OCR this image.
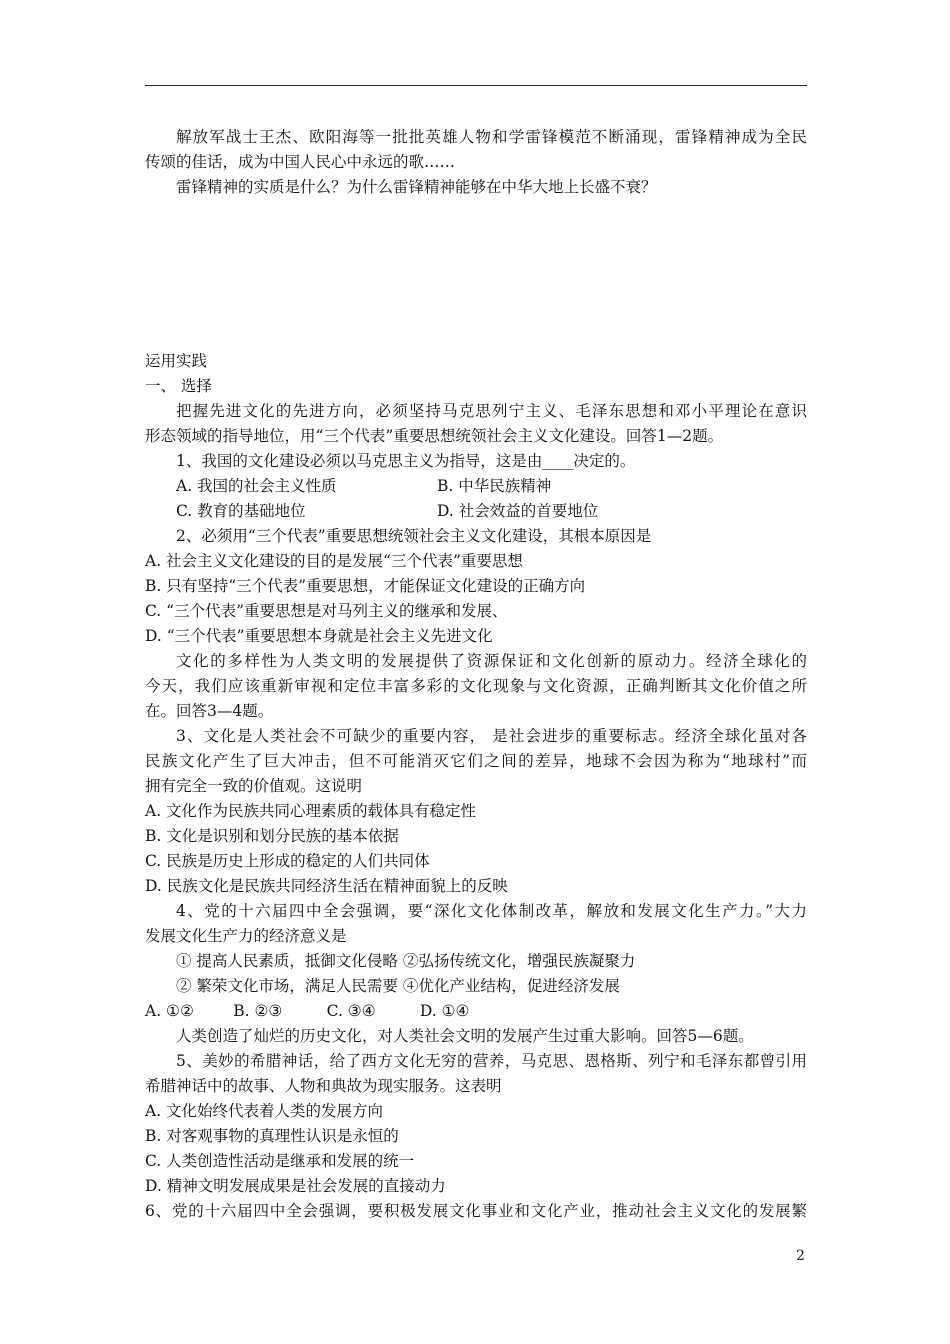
解放军战士王杰、欧阳海等一批批英雄人物和学雷锋模范不断涌现，雷锋精神成为全民
传颂的佳话，成为中国人民心中永远的歌……
雷锋精神的实质是什么？为什么雷锋精神能够在中华大地上长盛不衰？
运用实践
一、 选择
把握先进文化的先进方向，必须坚持马克思列宁主义、毛泽东思想和邓小平理论在意识
形态领域的指导地位，用“三个代表”重要思想统领社会主义文化建设。回答1—2题。
1、我国的文化建设必须以马克思主义为指导，这是由____决定的。
A. 我国的社会主义性质	B. 中华民族精神
C. 教育的基础地位	D. 社会效益的首要地位
2、必须用“三个代表”重要思想统领社会主义文化建设，其根本原因是
A. 社会主义文化建设的目的是发展“三个代表”重要思想
B. 只有坚持“三个代表”重要思想，才能保证文化建设的正确方向
C. “三个代表”重要思想是对马列主义的继承和发展、
D. “三个代表”重要思想本身就是社会主义先进文化
文化的多样性为人类文明的发展提供了资源保证和文化创新的原动力。经济全球化的
今天，我们应该重新审视和定位丰富多彩的文化现象与文化资源，正确判断其文化价值之所
在。回答3—4题。
3、文化是人类社会不可缺少的重要内容， 是社会进步的重要标志。经济全球化虽对各
民族文化产生了巨大冲击，但不可能消灭它们之间的差异，地球不会因为称为“地球村”而
拥有完全一致的价值观。这说明
A. 文化作为民族共同心理素质的载体具有稳定性
B. 文化是识别和划分民族的基本依据
C. 民族是历史上形成的稳定的人们共同体
D. 民族文化是民族共同经济生活在精神面貌上的反映
4、党的十六届四中全会强调，要“深化文化体制改革，解放和发展文化生产力。”大力
发展文化生产力的经济意义是
① 提高人民素质，抵御文化侵略 ②弘扬传统文化，增强民族凝聚力
② 繁荣文化市场，满足人民需要 ④优化产业结构，促进经济发展
A. ①②        B. ②③         C. ③④         D. ①④
人类创造了灿烂的历史文化，对人类社会文明的发展产生过重大影响。回答5—6题。
5、美妙的希腊神话，给了西方文化无穷的营养，马克思、恩格斯、列宁和毛泽东都曾引用
希腊神话中的故事、人物和典故为现实服务。这表明
A. 文化始终代表着人类的发展方向
B. 对客观事物的真理性认识是永恒的
C. 人类创造性活动是继承和发展的统一
D. 精神文明发展成果是社会发展的直接动力
6、党的十六届四中全会强调，要积极发展文化事业和文化产业，推动社会主义文化的发展繁
2
